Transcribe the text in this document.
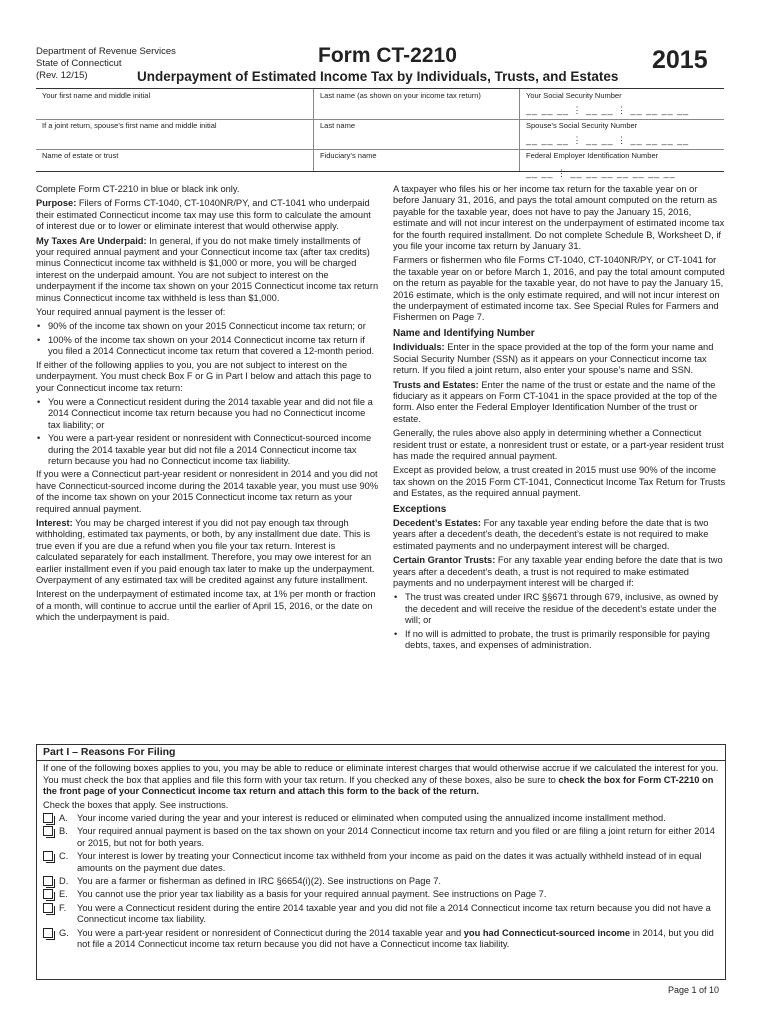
Department of Revenue Services
State of Connecticut
(Rev. 12/15)
Form CT-2210	2015
Underpayment of Estimated Income Tax by Individuals, Trusts, and Estates
Your first name and middle initial	Last name (as shown on your income tax return)	Your Social Security Number
__ __ __ ⋮ __ __ ⋮ __ __ __ __
If a joint return, spouse’s first name and middle initial	Last name	Spouse’s Social Security Number
__ __ __ ⋮ __ __ ⋮ __ __ __ __
Name of estate or trust	Fiduciary’s name	Federal Employer Identification Number
__ __ ⋮ __ __ __ __ __ __ __

Complete Form CT-2210 in blue or black ink only.

Purpose: Filers of Forms CT-1040, CT-1040NR/PY, and CT-1041 who underpaid their estimated Connecticut income tax may use this form to calculate the amount of interest due or to lower or eliminate interest that would otherwise apply.

My Taxes Are Underpaid: In general, if you do not make timely installments of your required annual payment and your Connecticut income tax (after tax credits) minus Connecticut income tax withheld is $1,000 or more, you will be charged interest on the underpaid amount. You are not subject to interest on the underpayment if the income tax shown on your 2015 Connecticut income tax return minus Connecticut income tax withheld is less than $1,000.

Your required annual payment is the lesser of:

• 90% of the income tax shown on your 2015 Connecticut income tax return; or
• 100% of the income tax shown on your 2014 Connecticut income tax return if you filed a 2014 Connecticut income tax return that covered a 12-month period.

If either of the following applies to you, you are not subject to interest on the underpayment. You must check Box F or G in Part I below and attach this page to your Connecticut income tax return:

• You were a Connecticut resident during the 2014 taxable year and did not file a 2014 Connecticut income tax return because you had no Connecticut income tax liability; or
• You were a part-year resident or nonresident with Connecticut-sourced income during the 2014 taxable year but did not file a 2014 Connecticut income tax return because you had no Connecticut income tax liability.

If you were a Connecticut part-year resident or nonresident in 2014 and you did not have Connecticut-sourced income during the 2014 taxable year, you must use 90% of the income tax shown on your 2015 Connecticut income tax return as your required annual payment.

Interest: You may be charged interest if you did not pay enough tax through withholding, estimated tax payments, or both, by any installment due date. This is true even if you are due a refund when you file your tax return. Interest is calculated separately for each installment. Therefore, you may owe interest for an earlier installment even if you paid enough tax later to make up the underpayment. Overpayment of any estimated tax will be credited against any future installment.

Interest on the underpayment of estimated income tax, at 1% per month or fraction of a month, will continue to accrue until the earlier of April 15, 2016, or the date on which the underpayment is paid.

A taxpayer who files his or her income tax return for the taxable year on or before January 31, 2016, and pays the total amount computed on the return as payable for the taxable year, does not have to pay the January 15, 2016, estimate and will not incur interest on the underpayment of estimated income tax for the fourth required installment. Do not complete Schedule B, Worksheet D, if you file your income tax return by January 31.

Farmers or fishermen who file Forms CT-1040, CT-1040NR/PY, or CT-1041 for the taxable year on or before March 1, 2016, and pay the total amount computed on the return as payable for the taxable year, do not have to pay the January 15, 2016 estimate, which is the only estimate required, and will not incur interest on the underpayment of estimated income tax. See Special Rules for Farmers and Fishermen on Page 7.

Name and Identifying Number

Individuals: Enter in the space provided at the top of the form your name and Social Security Number (SSN) as it appears on your Connecticut income tax return. If you filed a joint return, also enter your spouse’s name and SSN.

Trusts and Estates: Enter the name of the trust or estate and the name of the fiduciary as it appears on Form CT-1041 in the space provided at the top of the form. Also enter the Federal Employer Identification Number of the trust or estate.

Generally, the rules above also apply in determining whether a Connecticut resident trust or estate, a nonresident trust or estate, or a part-year resident trust has made the required annual payment.

Except as provided below, a trust created in 2015 must use 90% of the income tax shown on the 2015 Form CT-1041, Connecticut Income Tax Return for Trusts and Estates, as the required annual payment.

Exceptions

Decedent’s Estates: For any taxable year ending before the date that is two years after a decedent’s death, the decedent’s estate is not required to make estimated payments and no underpayment interest will be charged.

Certain Grantor Trusts: For any taxable year ending before the date that is two years after a decedent’s death, a trust is not required to make estimated payments and no underpayment interest will be charged if:

• The trust was created under IRC §§671 through 679, inclusive, as owned by the decedent and will receive the residue of the decedent’s estate under the will; or
• If no will is admitted to probate, the trust is primarily responsible for paying debts, taxes, and expenses of administration.
Part I – Reasons For Filing

If one of the following boxes applies to you, you may be able to reduce or eliminate interest charges that would otherwise accrue if we calculated the interest for you. You must check the box that applies and file this form with your tax return. If you checked any of these boxes, also be sure to check the box for Form CT-2210 on the front page of your Connecticut income tax return and attach this form to the back of the return.

Check the boxes that apply. See instructions.

A. Your income varied during the year and your interest is reduced or eliminated when computed using the annualized income installment method.
B. Your required annual payment is based on the tax shown on your 2014 Connecticut income tax return and you filed or are filing a joint return for either 2014 or 2015, but not for both years.
C. Your interest is lower by treating your Connecticut income tax withheld from your income as paid on the dates it was actually withheld instead of in equal amounts on the payment due dates.
D. You are a farmer or fisherman as defined in IRC §6654(i)(2). See instructions on Page 7.
E. You cannot use the prior year tax liability as a basis for your required annual payment. See instructions on Page 7.
F. You were a Connecticut resident during the entire 2014 taxable year and you did not file a 2014 Connecticut income tax return because you did not have a Connecticut income tax liability.
G. You were a part-year resident or nonresident of Connecticut during the 2014 taxable year and you had Connecticut-sourced income in 2014, but you did not file a 2014 Connecticut income tax return because you did not have a Connecticut income tax liability.
Page 1 of 10
